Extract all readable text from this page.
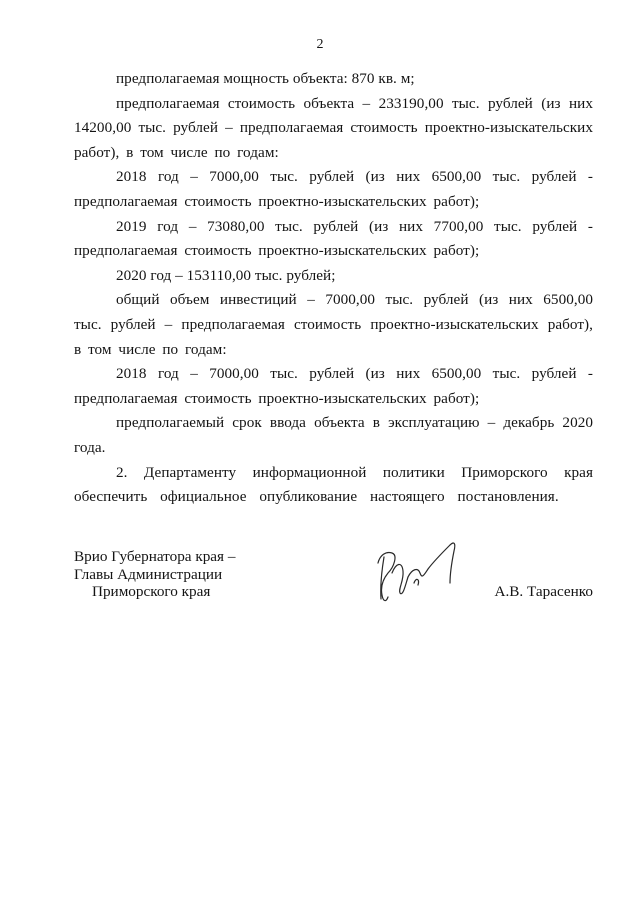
2

предполагаемая мощность объекта: 870 кв. м;

предполагаемая стоимость объекта – 233190,00 тыс. рублей (из них 14200,00 тыс. рублей – предполагаемая стоимость проектно-изыскательских работ), в том числе по годам:

2018 год – 7000,00 тыс. рублей (из них 6500,00 тыс. рублей - предполагаемая стоимость проектно-изыскательских работ);

2019 год – 73080,00 тыс. рублей (из них 7700,00 тыс. рублей - предполагаемая стоимость проектно-изыскательских работ);

2020 год – 153110,00 тыс. рублей;

общий объем инвестиций – 7000,00 тыс. рублей (из них 6500,00 тыс. рублей – предполагаемая стоимость проектно-изыскательских работ), в том числе по годам:

2018 год – 7000,00 тыс. рублей (из них 6500,00 тыс. рублей - предполагаемая стоимость проектно-изыскательских работ);

предполагаемый срок ввода объекта в эксплуатацию – декабрь 2020 года.

2. Департаменту информационной политики Приморского края обеспечить официальное опубликование настоящего постановления.

Врио Губернатора края –
Главы Администрации
Приморского края	А.В. Тарасенко
